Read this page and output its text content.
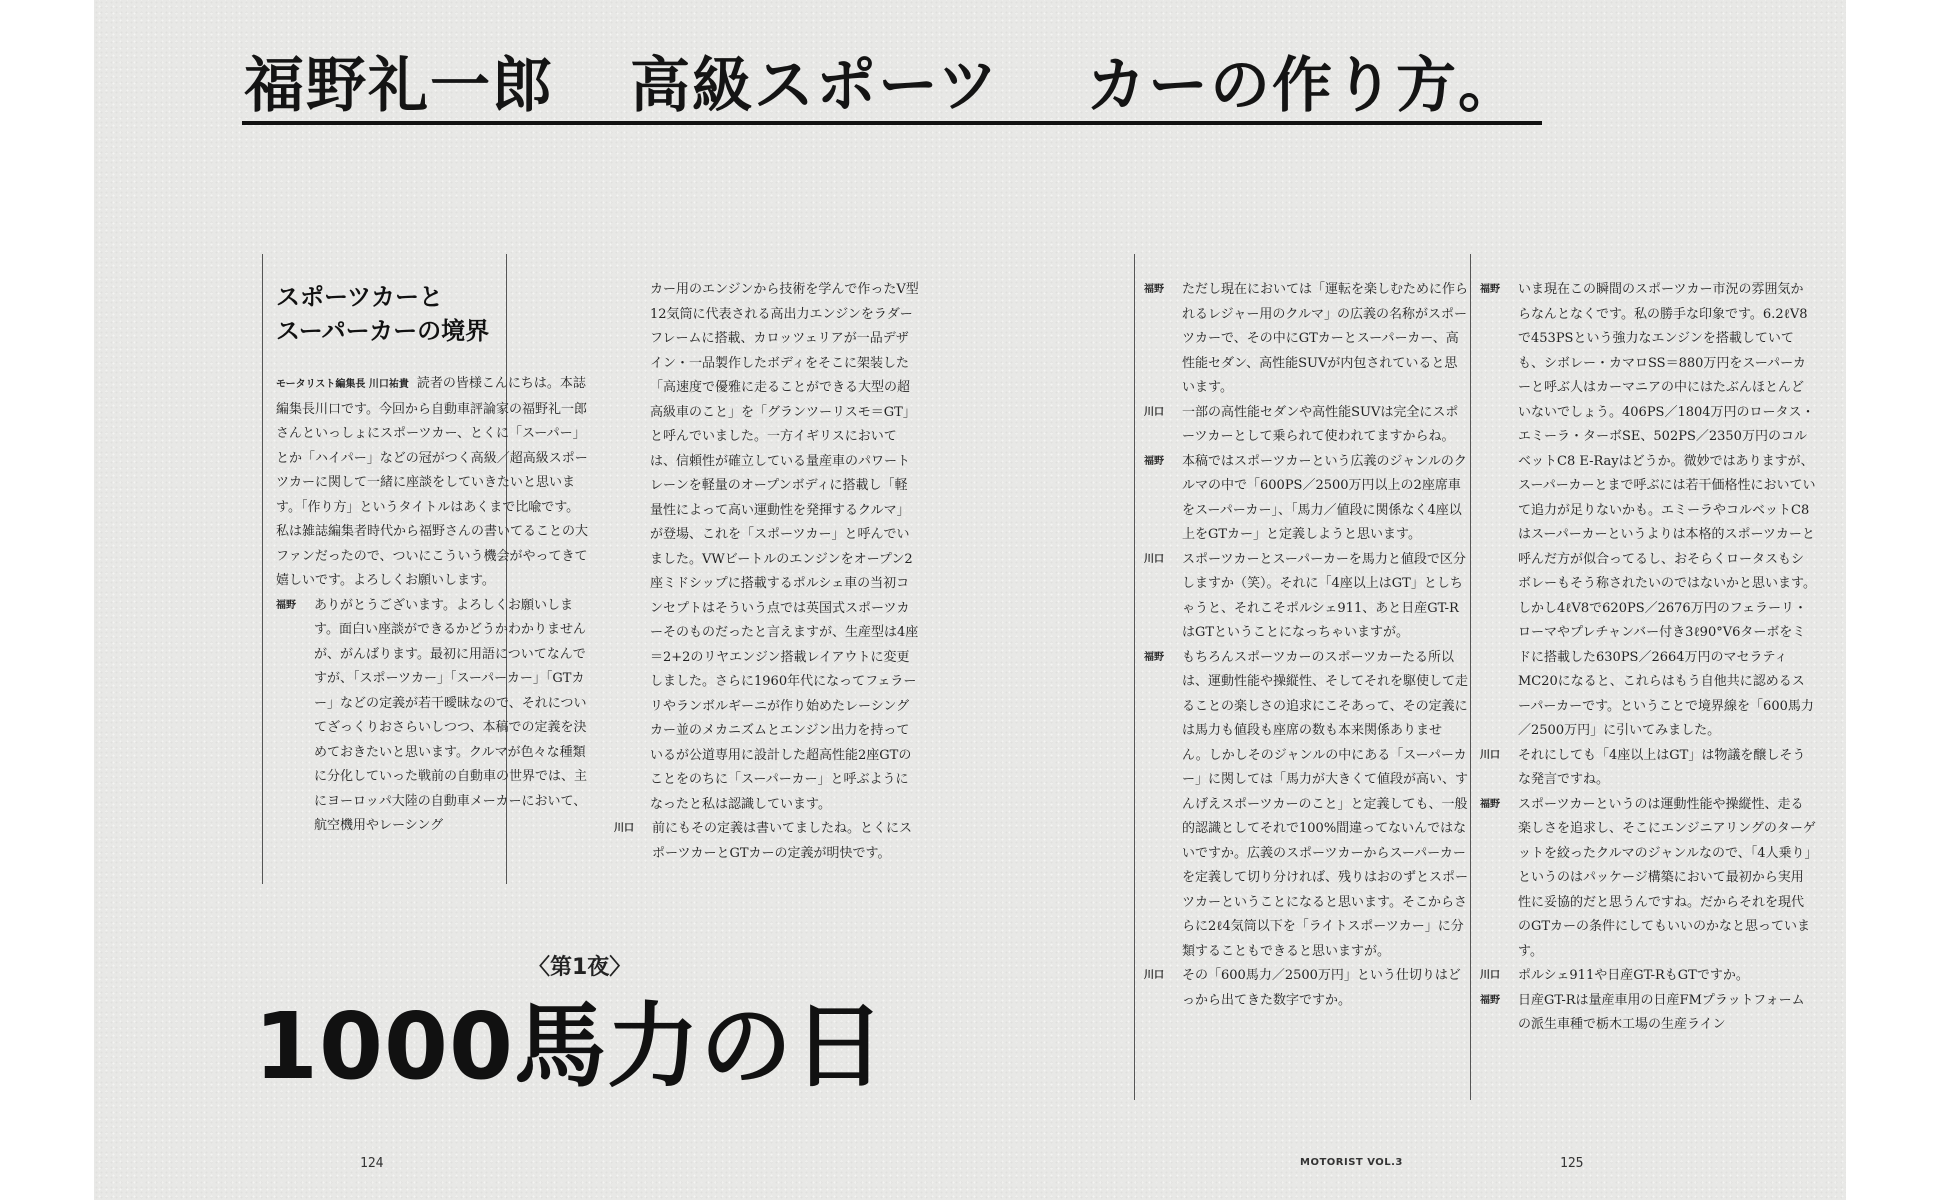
福野礼一郎 高級スポーツ カーの作り方。
スポーツカーと
スーパーカーの境界

モータリスト編集長 川口祐貴 読者の皆様こんにちは。本誌編集長川口です。今回から自動車評論家の福野礼一郎さんといっしょにスポーツカー、とくに「スーパー」とか「ハイパー」などの冠がつく高級／超高級スポーツカーに関して一緒に座談をしていきたいと思います。「作り方」というタイトルはあくまで比喩です。私は雑誌編集者時代から福野さんの書いてることの大ファンだったので、ついにこういう機会がやってきて嬉しいです。よろしくお願いします。

福野	ありがとうございます。よろしくお願いします。面白い座談ができるかどうかわかりませんが、がんばります。最初に用語についてなんですが、「スポーツカー」「スーパーカー」「GTカー」などの定義が若干曖昧なので、それについてざっくりおさらいしつつ、本稿での定義を決めておきたいと思います。クルマが色々な種類に分化していった戦前の自動車の世界では、主にヨーロッパ大陸の自動車メーカーにおいて、航空機用やレーシング

カー用のエンジンから技術を学んで作ったV型12気筒に代表される高出力エンジンをラダーフレームに搭載、カロッツェリアが一品デザイン・一品製作したボディをそこに架装した「高速度で優雅に走ることができる大型の超高級車のこと」を「グランツーリスモ＝GT」と呼んでいました。一方イギリスにおいては、信頼性が確立している量産車のパワートレーンを軽量のオープンボディに搭載し「軽量性によって高い運動性を発揮するクルマ」が登場、これを「スポーツカー」と呼んでいました。VWビートルのエンジンをオープン2座ミドシップに搭載するポルシェ車の当初コンセプトはそういう点では英国式スポーツカーそのものだったと言えますが、生産型は4座＝2+2のリヤエンジン搭載レイアウトに変更しました。さらに1960年代になってフェラーリやランボルギーニが作り始めたレーシングカー並のメカニズムとエンジン出力を持っているが公道専用に設計した超高性能2座GTのことをのちに「スーパーカー」と呼ぶようになったと私は認識しています。

川口	前にもその定義は書いてましたね。とくにスポーツカーとGTカーの定義が明快です。
〈第1夜〉
1000馬力の日
福野	ただし現在においては「運転を楽しむために作られるレジャー用のクルマ」の広義の名称がスポーツカーで、その中にGTカーとスーパーカー、高性能セダン、高性能SUVが内包されていると思います。
川口	一部の高性能セダンや高性能SUVは完全にスポーツカーとして乗られて使われてますからね。
福野	本稿ではスポーツカーという広義のジャンルのクルマの中で「600PS／2500万円以上の2座席車をスーパーカー」、「馬力／値段に関係なく4座以上をGTカー」と定義しようと思います。
川口	スポーツカーとスーパーカーを馬力と値段で区分しますか（笑）。それに「4座以上はGT」としちゃうと、それこそポルシェ911、あと日産GT-RはGTということになっちゃいますが。
福野	もちろんスポーツカーのスポーツカーたる所以は、運動性能や操縦性、そしてそれを駆使して走ることの楽しさの追求にこそあって、その定義には馬力も値段も座席の数も本来関係ありません。しかしそのジャンルの中にある「スーパーカー」に関しては「馬力が大きくて値段が高い、すんげえスポーツカーのこと」と定義しても、一般的認識としてそれで100%間違ってないんではないですか。広義のスポーツカーからスーパーカーを定義して切り分ければ、残りはおのずとスポーツカーということになると思います。そこからさらに2ℓ4気筒以下を「ライトスポーツカー」に分類することもできると思いますが。
川口	その「600馬力／2500万円」という仕切りはどっから出てきた数字ですか。
福野	いま現在この瞬間のスポーツカー市況の雰囲気からなんとなくです。私の勝手な印象です。6.2ℓV8で453PSという強力なエンジンを搭載していても、シボレー・カマロSS＝880万円をスーパーカーと呼ぶ人はカーマニアの中にはたぶんほとんどいないでしょう。406PS／1804万円のロータス・エミーラ・ターボSE、502PS／2350万円のコルベットC8 E-Rayはどうか。微妙ではありますが、スーパーカーとまで呼ぶには若干価格性においていて追力が足りないかも。エミーラやコルベットC8はスーパーカーというよりは本格的スポーツカーと呼んだ方が似合ってるし、おそらくロータスもシボレーもそう称されたいのではないかと思います。しかし4ℓV8で620PS／2676万円のフェラーリ・ローマやプレチャンバー付き3ℓ90°V6ターボをミドに搭載した630PS／2664万円のマセラティMC20になると、これらはもう自他共に認めるスーパーカーです。ということで境界線を「600馬力／2500万円」に引いてみました。
川口	それにしても「4座以上はGT」は物議を醸しそうな発言ですね。
福野	スポーツカーというのは運動性能や操縦性、走る楽しさを追求し、そこにエンジニアリングのターゲットを絞ったクルマのジャンルなので、「4人乗り」というのはパッケージ構築において最初から実用性に妥協的だと思うんですね。だからそれを現代のGTカーの条件にしてもいいのかなと思っています。
川口	ポルシェ911や日産GT-RもGTですか。
福野	日産GT-Rは量産車用の日産FMプラットフォームの派生車種で栃木工場の生産ライン
124	MOTORIST VOL.3	125
